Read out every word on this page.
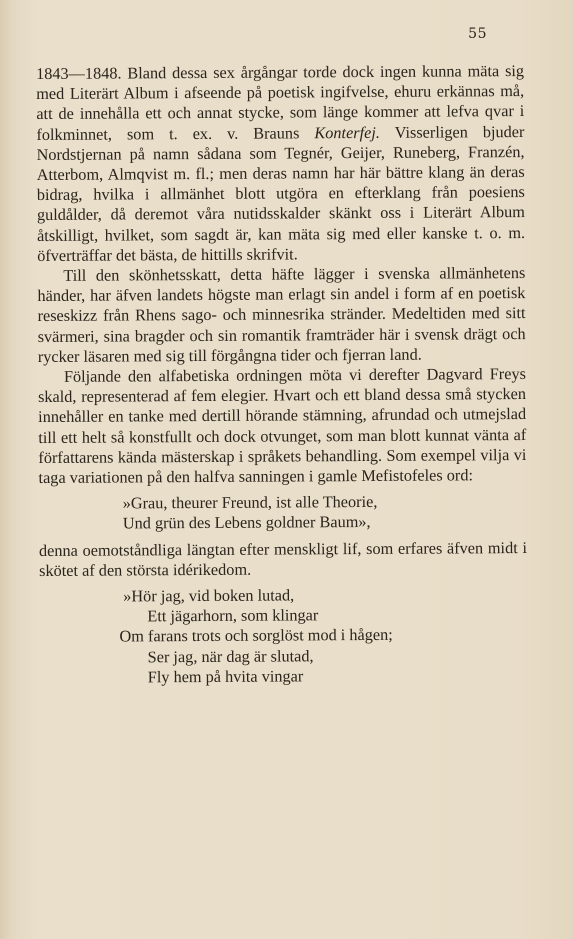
55

1843—1848. Bland dessa sex årgångar torde dock ingen kunna mäta sig med Literärt Album i afseende på poetisk ingifvelse, ehuru erkännas må, att de innehålla ett och annat stycke, som länge kommer att lefva qvar i folkminnet, som t. ex. v. Brauns Konterfej. Visserligen bjuder Nordstjernan på namn sådana som Tegnér, Geijer, Runeberg, Franzén, Atterbom, Almqvist m. fl.; men deras namn har här bättre klang än deras bidrag, hvilka i allmänhet blott utgöra en efterklang från poesiens guldålder, då deremot våra nutidsskalder skänkt oss i Literärt Album åtskilligt, hvilket, som sagdt är, kan mäta sig med eller kanske t. o. m. öfverträffar det bästa, de hittills skrifvit.

Till den skönhetsskatt, detta häfte lägger i svenska allmänhetens händer, har äfven landets högste man erlagt sin andel i form af en poetisk reseskizz från Rhens sago- och minnesrika stränder. Medeltiden med sitt svärmeri, sina bragder och sin romantik framträder här i svensk drägt och rycker läsaren med sig till förgångna tider och fjerran land.

Följande den alfabetiska ordningen möta vi derefter Dagvard Freys skald, representerad af fem elegier. Hvart och ett bland dessa små stycken innehåller en tanke med dertill hörande stämning, afrundad och utmejslad till ett helt så konstfullt och dock otvunget, som man blott kunnat vänta af författarens kända mästerskap i språkets behandling. Som exempel vilja vi taga variationen på den halfva sanningen i gamle Mefistofeles ord:

»Grau, theurer Freund, ist alle Theorie,
Und grün des Lebens goldner Baum»,

denna oemotståndliga längtan efter menskligt lif, som erfares äfven midt i skötet af den största idérikedom.

»Hör jag, vid boken lutad,
Ett jägarhorn, som klingar
Om farans trots och sorglöst mod i hågen;
Ser jag, när dag är slutad,
Fly hem på hvita vingar
